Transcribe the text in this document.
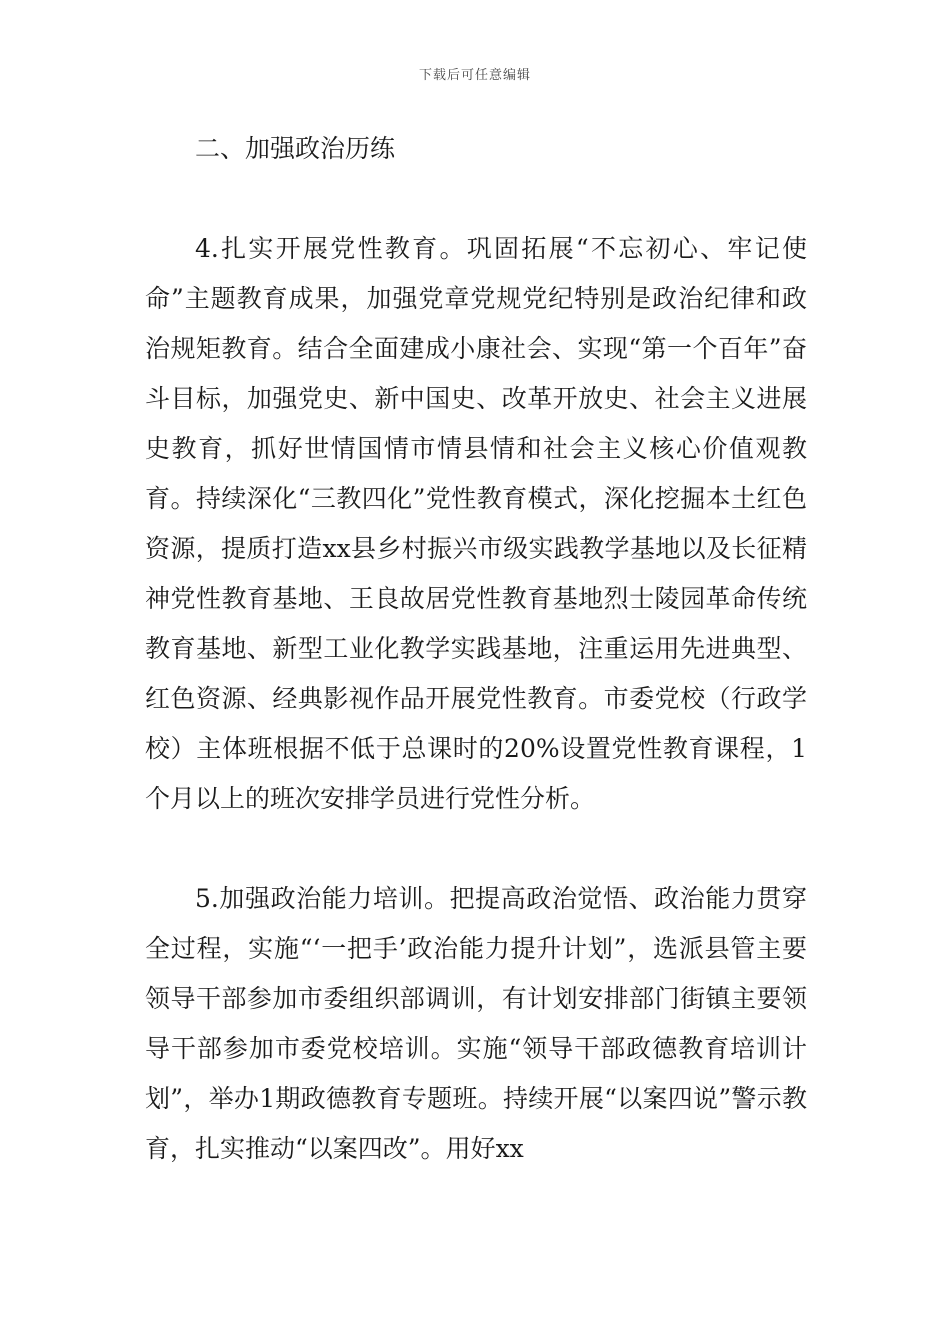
下载后可任意编辑
二、加强政治历练

4.扎实开展党性教育。巩固拓展“不忘初心、牢记使命”主题教育成果，加强党章党规党纪特别是政治纪律和政治规矩教育。结合全面建成小康社会、实现“第一个百年”奋斗目标，加强党史、新中国史、改革开放史、社会主义进展史教育，抓好世情国情市情县情和社会主义核心价值观教育。持续深化“三教四化”党性教育模式，深化挖掘本土红色资源，提质打造xx县乡村振兴市级实践教学基地以及长征精神党性教育基地、王良故居党性教育基地烈士陵园革命传统教育基地、新型工业化教学实践基地，注重运用先进典型、红色资源、经典影视作品开展党性教育。市委党校（行政学校）主体班根据不低于总课时的20%设置党性教育课程，1个月以上的班次安排学员进行党性分析。

5.加强政治能力培训。把提高政治觉悟、政治能力贯穿全过程，实施“‘一把手’政治能力提升计划”，选派县管主要领导干部参加市委组织部调训，有计划安排部门街镇主要领导干部参加市委党校培训。实施“领导干部政德教育培训计划”，举办1期政德教育专题班。持续开展“以案四说”警示教育，扎实推动“以案四改”。用好xx
